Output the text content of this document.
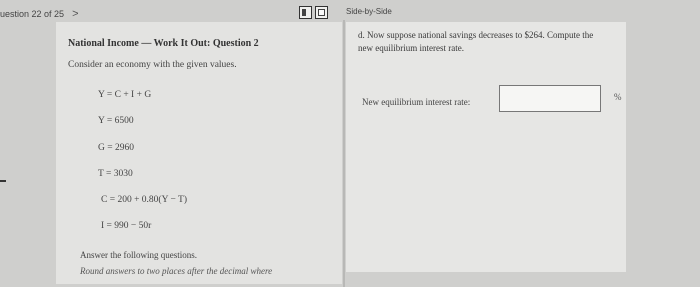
uestion 22 of 25 >	Side-by-Side
National Income — Work It Out: Question 2
Consider an economy with the given values.
Y = C + I + G
Y = 6500
G = 2960
T = 3030
C = 200 + 0.80(Y − T)
I = 990 − 50r
Answer the following questions.
Round answers to two places after the decimal where
d. Now suppose national savings decreases to $264. Compute the new equilibrium interest rate.
New equilibrium interest rate:	%
